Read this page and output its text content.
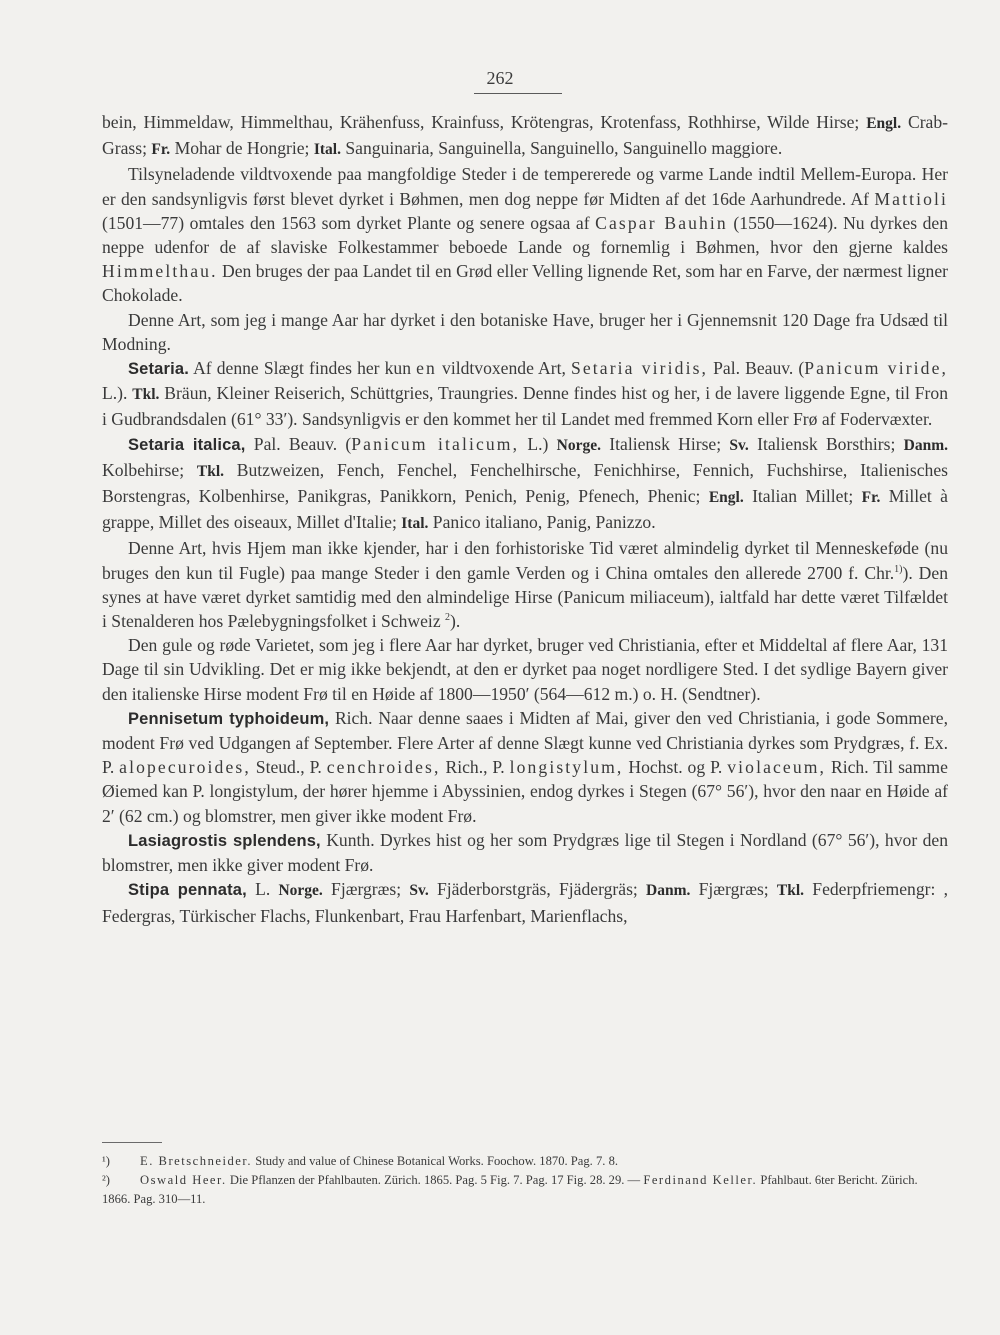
262

bein, Himmeldaw, Himmelthau, Krähenfuss, Krainfuss, Krötengras, Krotenfass, Rothhirse, Wilde Hirse; Engl. Crab-Grass; Fr. Mohar de Hongrie; Ital. Sanguinaria, Sanguinella, Sanguinello, Sanguinello maggiore.

Tilsyneladende vildtvoxende paa mangfoldige Steder i de tempererede og varme Lande indtil Mellem-Europa. Her er den sandsynligvis først blevet dyrket i Bøhmen, men dog neppe før Midten af det 16de Aarhundrede. Af Mattioli (1501—77) omtales den 1563 som dyrket Plante og senere ogsaa af Caspar Bauhin (1550—1624). Nu dyrkes den neppe udenfor de af slaviske Folkestammer beboede Lande og fornemlig i Bøhmen, hvor den gjerne kaldes Himmelthau. Den bruges der paa Landet til en Grød eller Velling lignende Ret, som har en Farve, der nærmest ligner Chokolade.

Denne Art, som jeg i mange Aar har dyrket i den botaniske Have, bruger her i Gjennemsnit 120 Dage fra Udsæd til Modning.

Setaria. Af denne Slægt findes her kun en vildtvoxende Art, Setaria viridis, Pal. Beauv. (Panicum viride, L.). Tkl. Bräun, Kleiner Reiserich, Schüttgries, Traungries. Denne findes hist og her, i de lavere liggende Egne, til Fron i Gudbrandsdalen (61° 33′). Sandsynligvis er den kommet her til Landet med fremmed Korn eller Frø af Fodervæxter.

Setaria italica, Pal. Beauv. (Panicum italicum, L.) Norge. Italiensk Hirse; Sv. Italiensk Borsthirs; Danm. Kolbehirse; Tkl. Butzweizen, Fench, Fenchel, Fenchelhirsche, Fenichhirse, Fennich, Fuchshirse, Italienisches Borstengras, Kolbenhirse, Panikgras, Panikkorn, Penich, Penig, Pfenech, Phenic; Engl. Italian Millet; Fr. Millet à grappe, Millet des oiseaux, Millet d'Italie; Ital. Panico italiano, Panig, Panizzo.

Denne Art, hvis Hjem man ikke kjender, har i den forhistoriske Tid været almindelig dyrket til Menneskeføde (nu bruges den kun til Fugle) paa mange Steder i den gamle Verden og i China omtales den allerede 2700 f. Chr.$^{1)}$). Den synes at have været dyrket samtidig med den almindelige Hirse (Panicum miliaceum), ialtfald har dette været Tilfældet i Stenalderen hos Pælebygningsfolket i Schweiz $^2$).

Den gule og røde Varietet, som jeg i flere Aar har dyrket, bruger ved Christiania, efter et Middeltal af flere Aar, 131 Dage til sin Udvikling. Det er mig ikke bekjendt, at den er dyrket paa noget nordligere Sted. I det sydlige Bayern giver den italienske Hirse modent Frø til en Høide af 1800—1950′ (564—612 m.) o. H. (Sendtner).

Pennisetum typhoideum, Rich. Naar denne saaes i Midten af Mai, giver den ved Christiania, i gode Sommere, modent Frø ved Udgangen af September. Flere Arter af denne Slægt kunne ved Christiania dyrkes som Prydgræs, f. Ex. P. alopecuroides, Steud., P. cenchroides, Rich., P. longistylum, Hochst. og P. violaceum, Rich. Til samme Øiemed kan P. longistylum, der hører hjemme i Abyssinien, endog dyrkes i Stegen (67° 56′), hvor den naar en Høide af 2′ (62 cm.) og blomstrer, men giver ikke modent Frø.

Lasiagrostis splendens, Kunth. Dyrkes hist og her som Prydgræs lige til Stegen i Nordland (67° 56′), hvor den blomstrer, men ikke giver modent Frø.

Stipa pennata, L. Norge. Fjærgræs; Sv. Fjäderborstgräs, Fjädergräs; Danm. Fjærgræs; Tkl. Federpfriemengr: , Federgras, Türkischer Flachs, Flunkenbart, Frau Harfenbart, Marienflachs,

¹) E. Bretschneider. Study and value of Chinese Botanical Works. Foochow. 1870. Pag. 7. 8.

²) Oswald Heer. Die Pflanzen der Pfahlbauten. Zürich. 1865. Pag. 5 Fig. 7. Pag. 17 Fig. 28. 29. — Ferdinand Keller. Pfahlbaut. 6ter Bericht. Zürich. 1866. Pag. 310—11.
